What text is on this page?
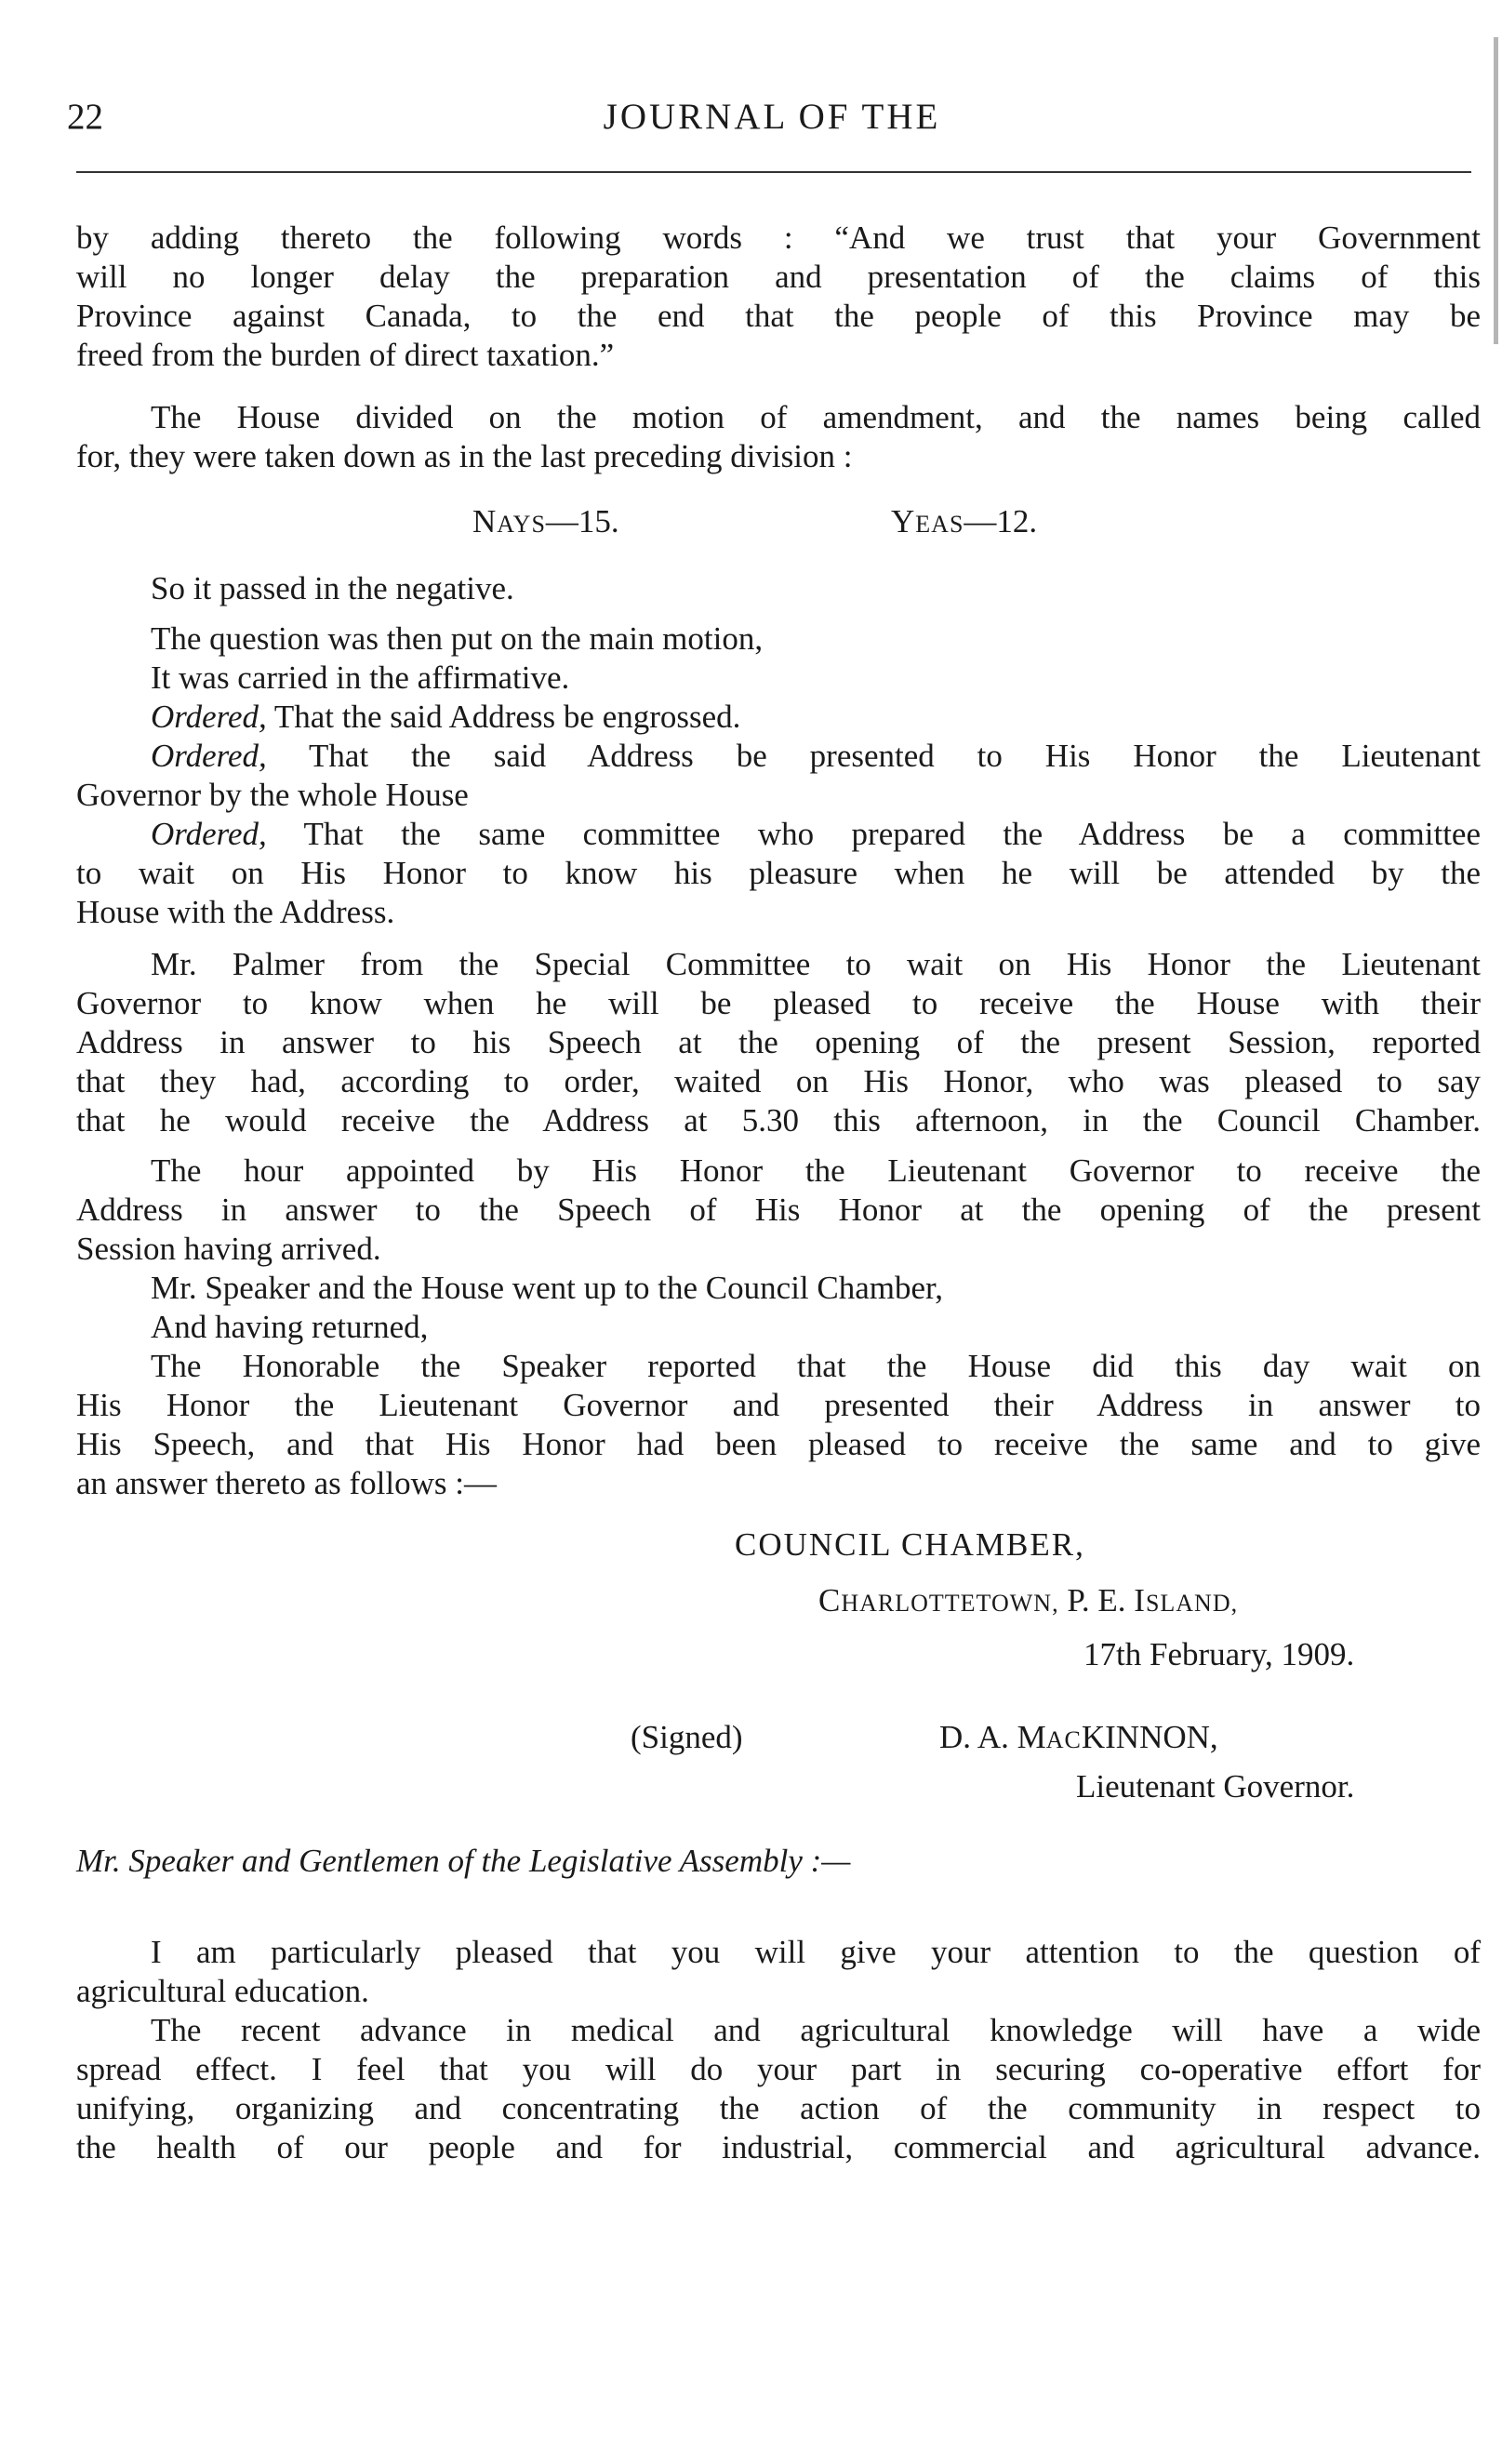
22	JOURNAL OF THE
by adding thereto the following words : “And we trust that your Government
will no longer delay the preparation and presentation of the claims of this
Province against Canada, to the end that the people of this Province may be
freed from the burden of direct taxation.”
The House divided on the motion of amendment, and the names being called
for, they were taken down as in the last preceding division :
NAYS—15.	YEAS—12.
So it passed in the negative.
The question was then put on the main motion,
It was carried in the affirmative.
Ordered, That the said Address be engrossed.
Ordered, That the said Address be presented to His Honor the Lieutenant
Governor by the whole House
Ordered, That the same committee who prepared the Address be a committee
to wait on His Honor to know his pleasure when he will be attended by the
House with the Address.
Mr. Palmer from the Special Committee to wait on His Honor the Lieutenant
Governor to know when he will be pleased to receive the House with their
Address in answer to his Speech at the opening of the present Session, reported
that they had, according to order, waited on His Honor, who was pleased to say
that he would receive the Address at 5.30 this afternoon, in the Council Chamber.
The hour appointed by His Honor the Lieutenant Governor to receive the
Address in answer to the Speech of His Honor at the opening of the present
Session having arrived.
Mr. Speaker and the House went up to the Council Chamber,
And having returned,
The Honorable the Speaker reported that the House did this day wait on
His Honor the Lieutenant Governor and presented their Address in answer to
His Speech, and that His Honor had been pleased to receive the same and to give
an answer thereto as follows :—
COUNCIL CHAMBER,
CHARLOTTETOWN, P. E. ISLAND,
17th February, 1909.
(Signed)	D. A. MACKINNON,
Lieutenant Governor.
Mr. Speaker and Gentlemen of the Legislative Assembly :—
I am particularly pleased that you will give your attention to the question of
agricultural education.
The recent advance in medical and agricultural knowledge will have a wide
spread effect. I feel that you will do your part in securing co-operative effort for
unifying, organizing and concentrating the action of the community in respect to
the health of our people and for industrial, commercial and agricultural advance.
